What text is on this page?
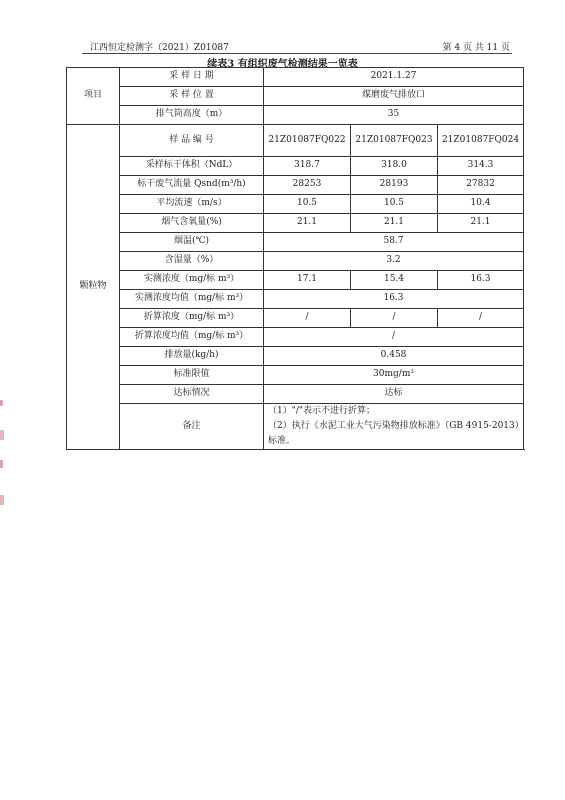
江西恒定检测字（2021）Z01087	第 4 页 共 11 页
续表3 有组织废气检测结果一览表
项目	采 样 日 期	2021.1.27		
	采 样 位 置	煤磨废气排放口		
	排气筒高度（m）	35		
颗粒物	样 品 编 号	21Z01087FQ022	21Z01087FQ023	21Z01087FQ024
	采样标干体积（NdL）	318.7	318.0	314.3
	标干废气流量 Qsnd(m³/h)	28253	28193	27832
	平均流速（m/s）	10.5	10.5	10.4
	烟气含氧量(%)	21.1	21.1	21.1
	烟温(℃)	58.7		
	含湿量（%）	3.2		
	实测浓度（mg/标 m³）	17.1	15.4	16.3
	实测浓度均值（mg/标 m³）	16.3		
	折算浓度（mg/标 m³）	/	/	/
	折算浓度均值（mg/标 m³）	/		
	排放量(kg/h)	0.458		
	标准限值	30mg/m³		
	达标情况	达标		
	备注	（1）"/"表示不进行折算；
（2）执行《水泥工业大气污染物排放标准》（GB 4915-2013）标准。		
